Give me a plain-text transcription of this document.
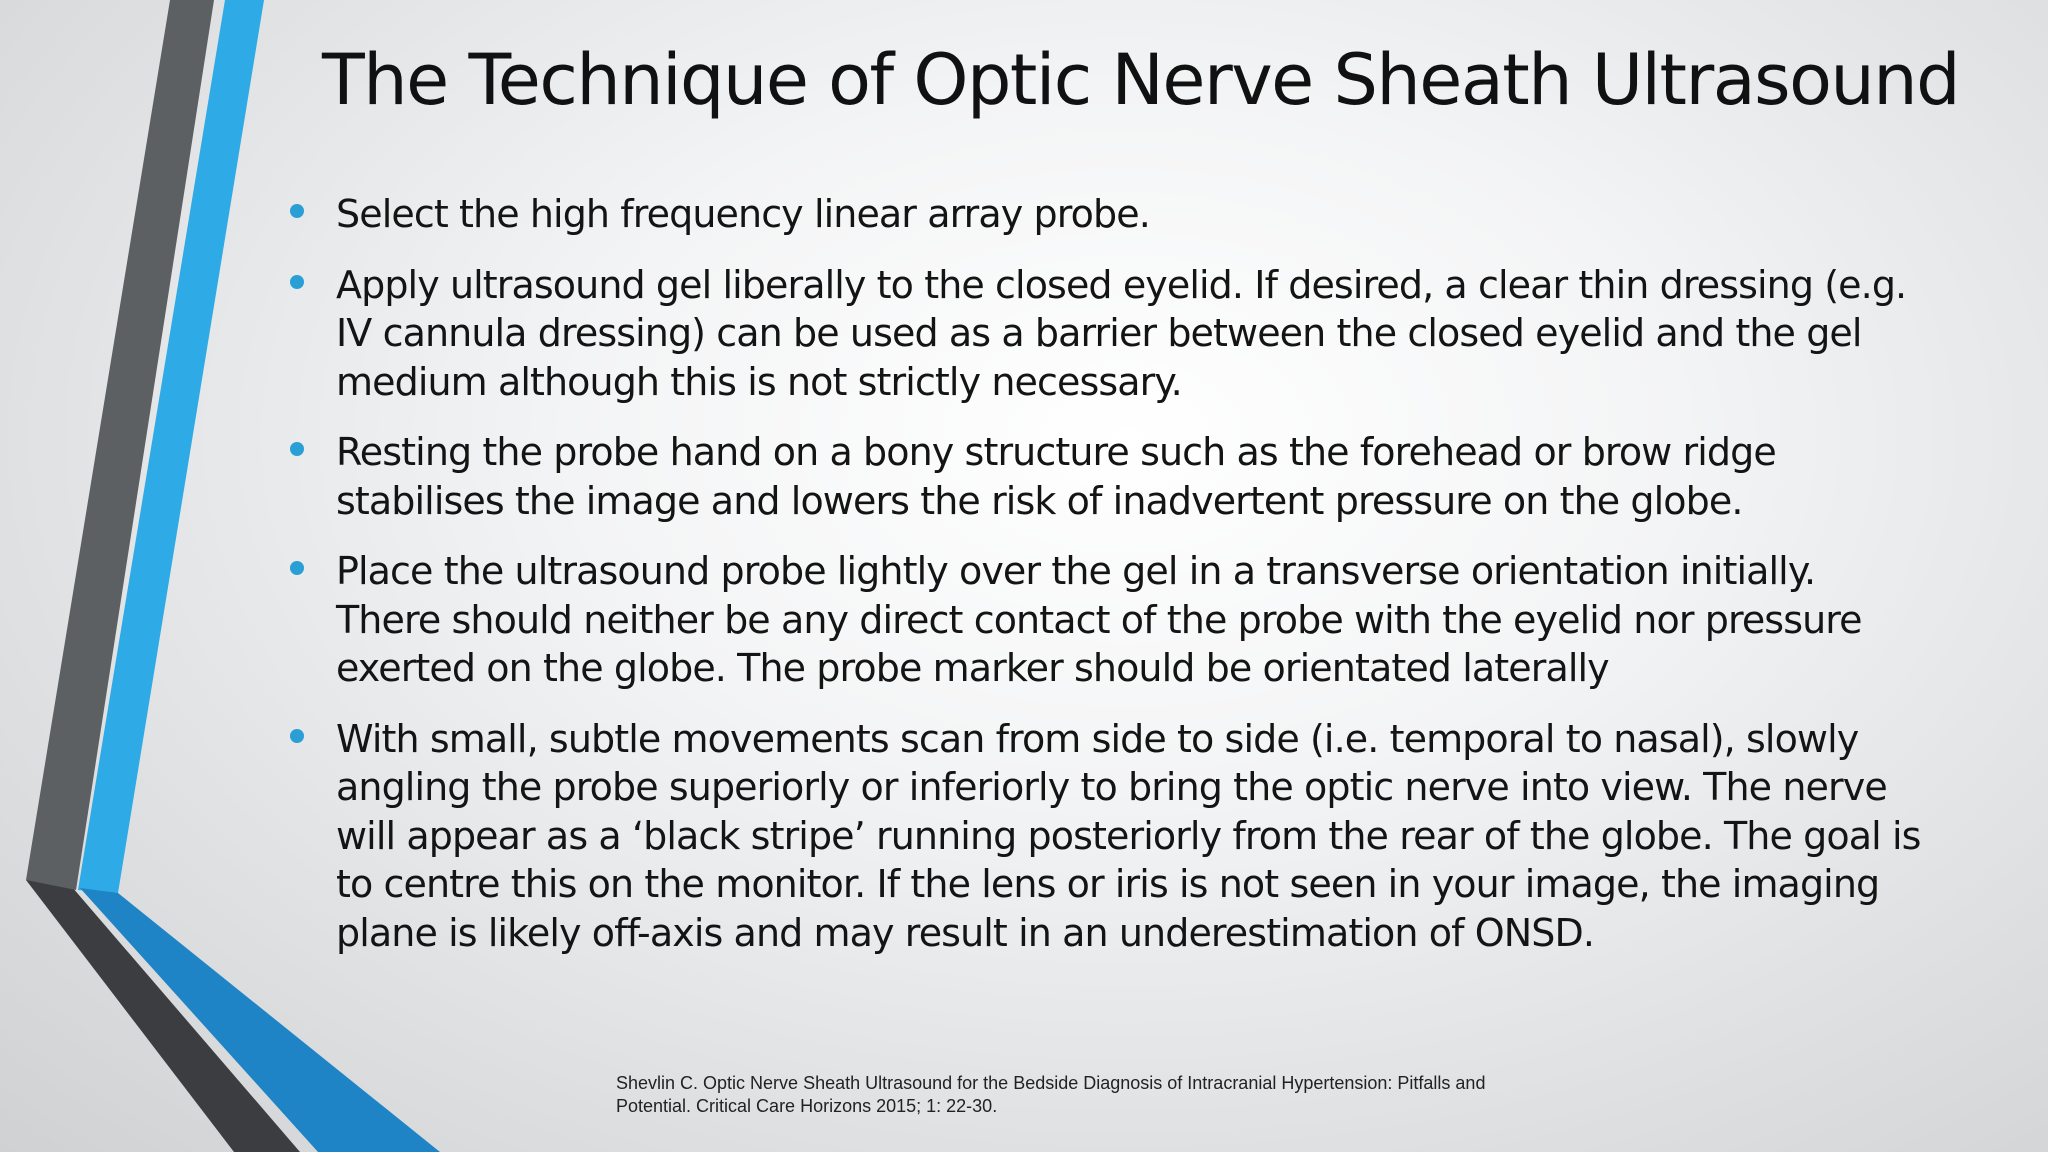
The Technique of Optic Nerve Sheath Ultrasound
Select the high frequency linear array probe.
Apply ultrasound gel liberally to the closed eyelid. If desired, a clear thin dressing (e.g. IV cannula dressing) can be used as a barrier between the closed eyelid and the gel medium although this is not strictly necessary.
Resting the probe hand on a bony structure such as the forehead or brow ridge stabilises the image and lowers the risk of inadvertent pressure on the globe.
Place the ultrasound probe lightly over the gel in a transverse orientation initially. There should neither be any direct contact of the probe with the eyelid nor pressure exerted on the globe. The probe marker should be orientated laterally
With small, subtle movements scan from side to side (i.e. temporal to nasal), slowly angling the probe superiorly or inferiorly to bring the optic nerve into view. The nerve will appear as a ‘black stripe’ running posteriorly from the rear of the globe. The goal is to centre this on the monitor. If the lens or iris is not seen in your image, the imaging plane is likely off-axis and may result in an underestimation of ONSD.
Shevlin C. Optic Nerve Sheath Ultrasound for the Bedside Diagnosis of Intracranial Hypertension: Pitfalls and
Potential. Critical Care Horizons 2015; 1: 22-30.
